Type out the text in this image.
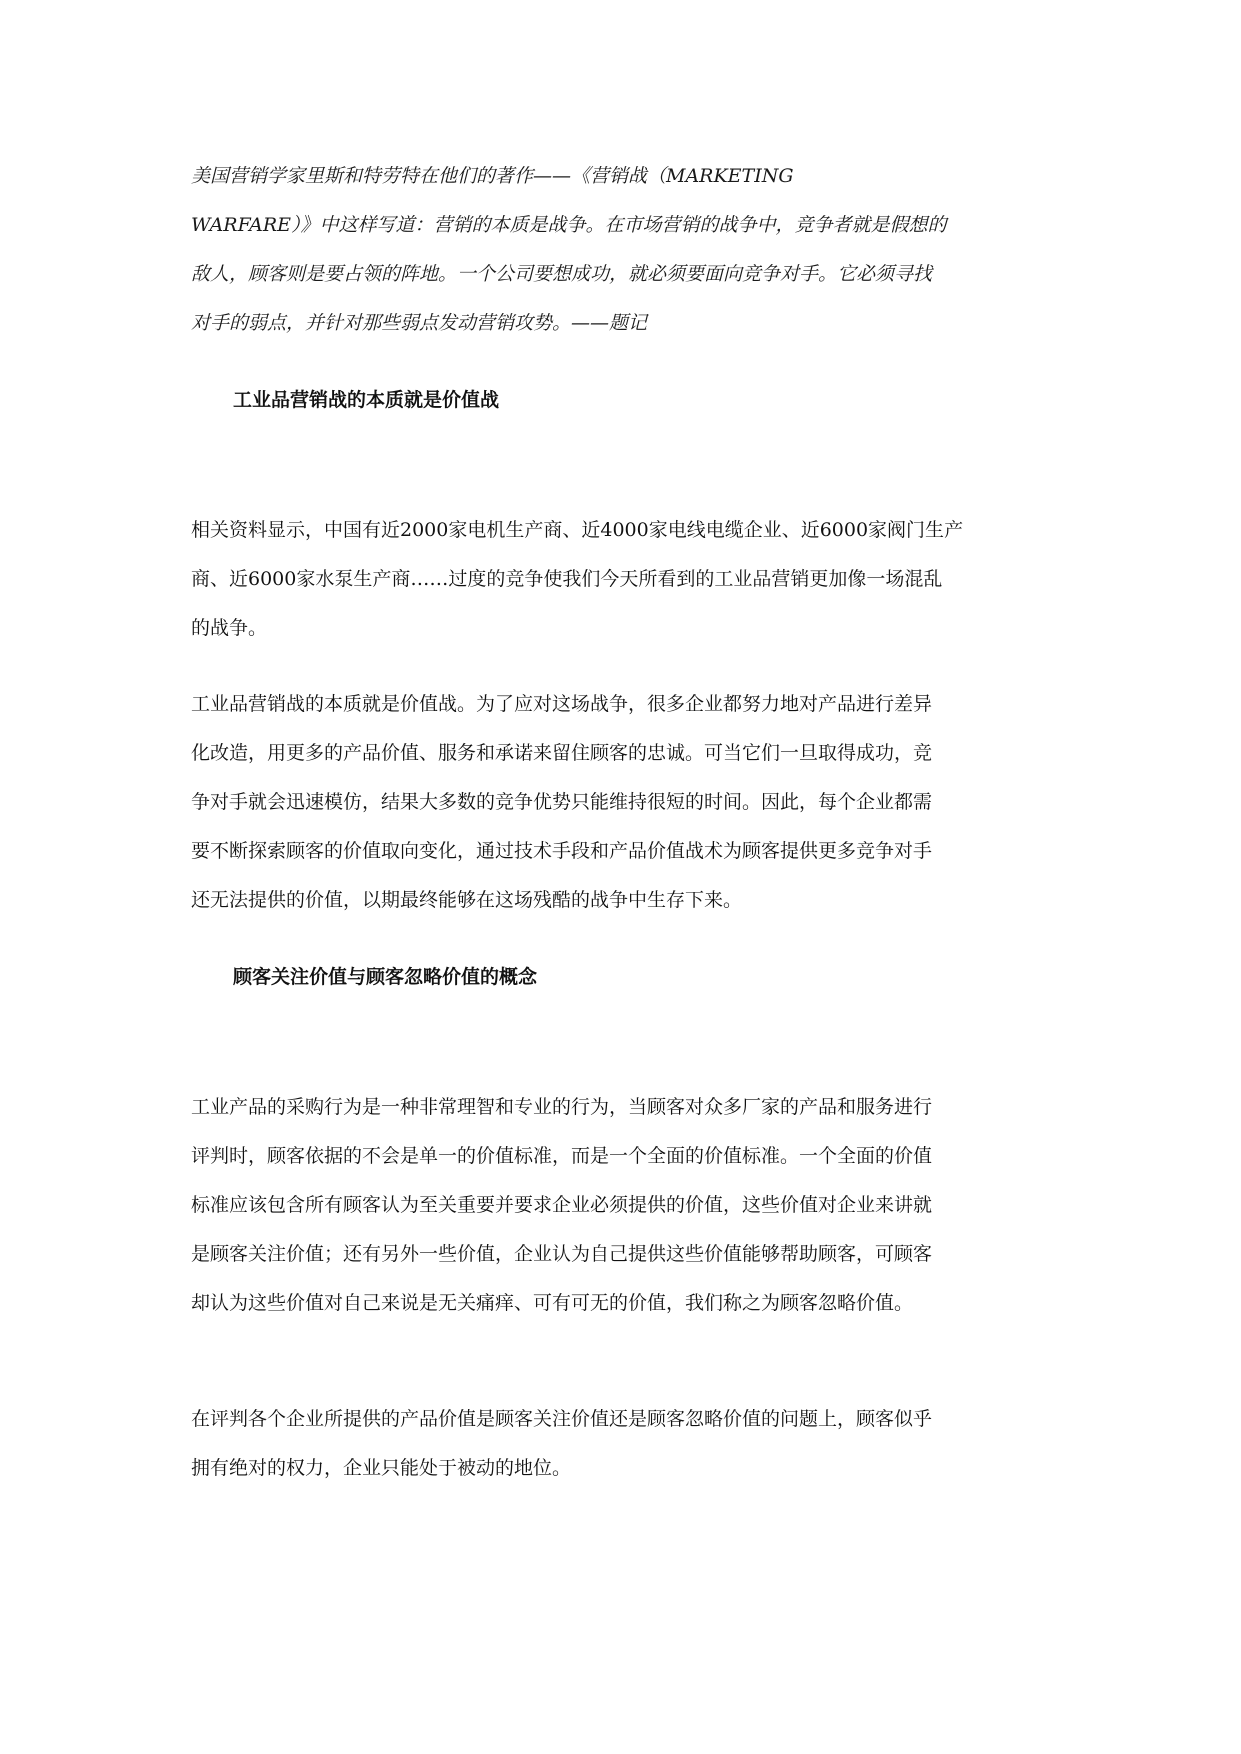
美国营销学家里斯和特劳特在他们的著作——《营销战（MARKETING
WARFARE）》中这样写道：营销的本质是战争。在市场营销的战争中，竞争者就是假想的
敌人，顾客则是要占领的阵地。一个公司要想成功，就必须要面向竞争对手。它必须寻找
对手的弱点，并针对那些弱点发动营销攻势。——题记
工业品营销战的本质就是价值战
相关资料显示，中国有近2000家电机生产商、近4000家电线电缆企业、近6000家阀门生产
商、近6000家水泵生产商……过度的竞争使我们今天所看到的工业品营销更加像一场混乱
的战争。
工业品营销战的本质就是价值战。为了应对这场战争，很多企业都努力地对产品进行差异
化改造，用更多的产品价值、服务和承诺来留住顾客的忠诚。可当它们一旦取得成功，竞
争对手就会迅速模仿，结果大多数的竞争优势只能维持很短的时间。因此，每个企业都需
要不断探索顾客的价值取向变化，通过技术手段和产品价值战术为顾客提供更多竞争对手
还无法提供的价值，以期最终能够在这场残酷的战争中生存下来。
顾客关注价值与顾客忽略价值的概念
工业产品的采购行为是一种非常理智和专业的行为，当顾客对众多厂家的产品和服务进行
评判时，顾客依据的不会是单一的价值标准，而是一个全面的价值标准。一个全面的价值
标准应该包含所有顾客认为至关重要并要求企业必须提供的价值，这些价值对企业来讲就
是顾客关注价值；还有另外一些价值，企业认为自己提供这些价值能够帮助顾客，可顾客
却认为这些价值对自己来说是无关痛痒、可有可无的价值，我们称之为顾客忽略价值。
在评判各个企业所提供的产品价值是顾客关注价值还是顾客忽略价值的问题上，顾客似乎
拥有绝对的权力，企业只能处于被动的地位。
